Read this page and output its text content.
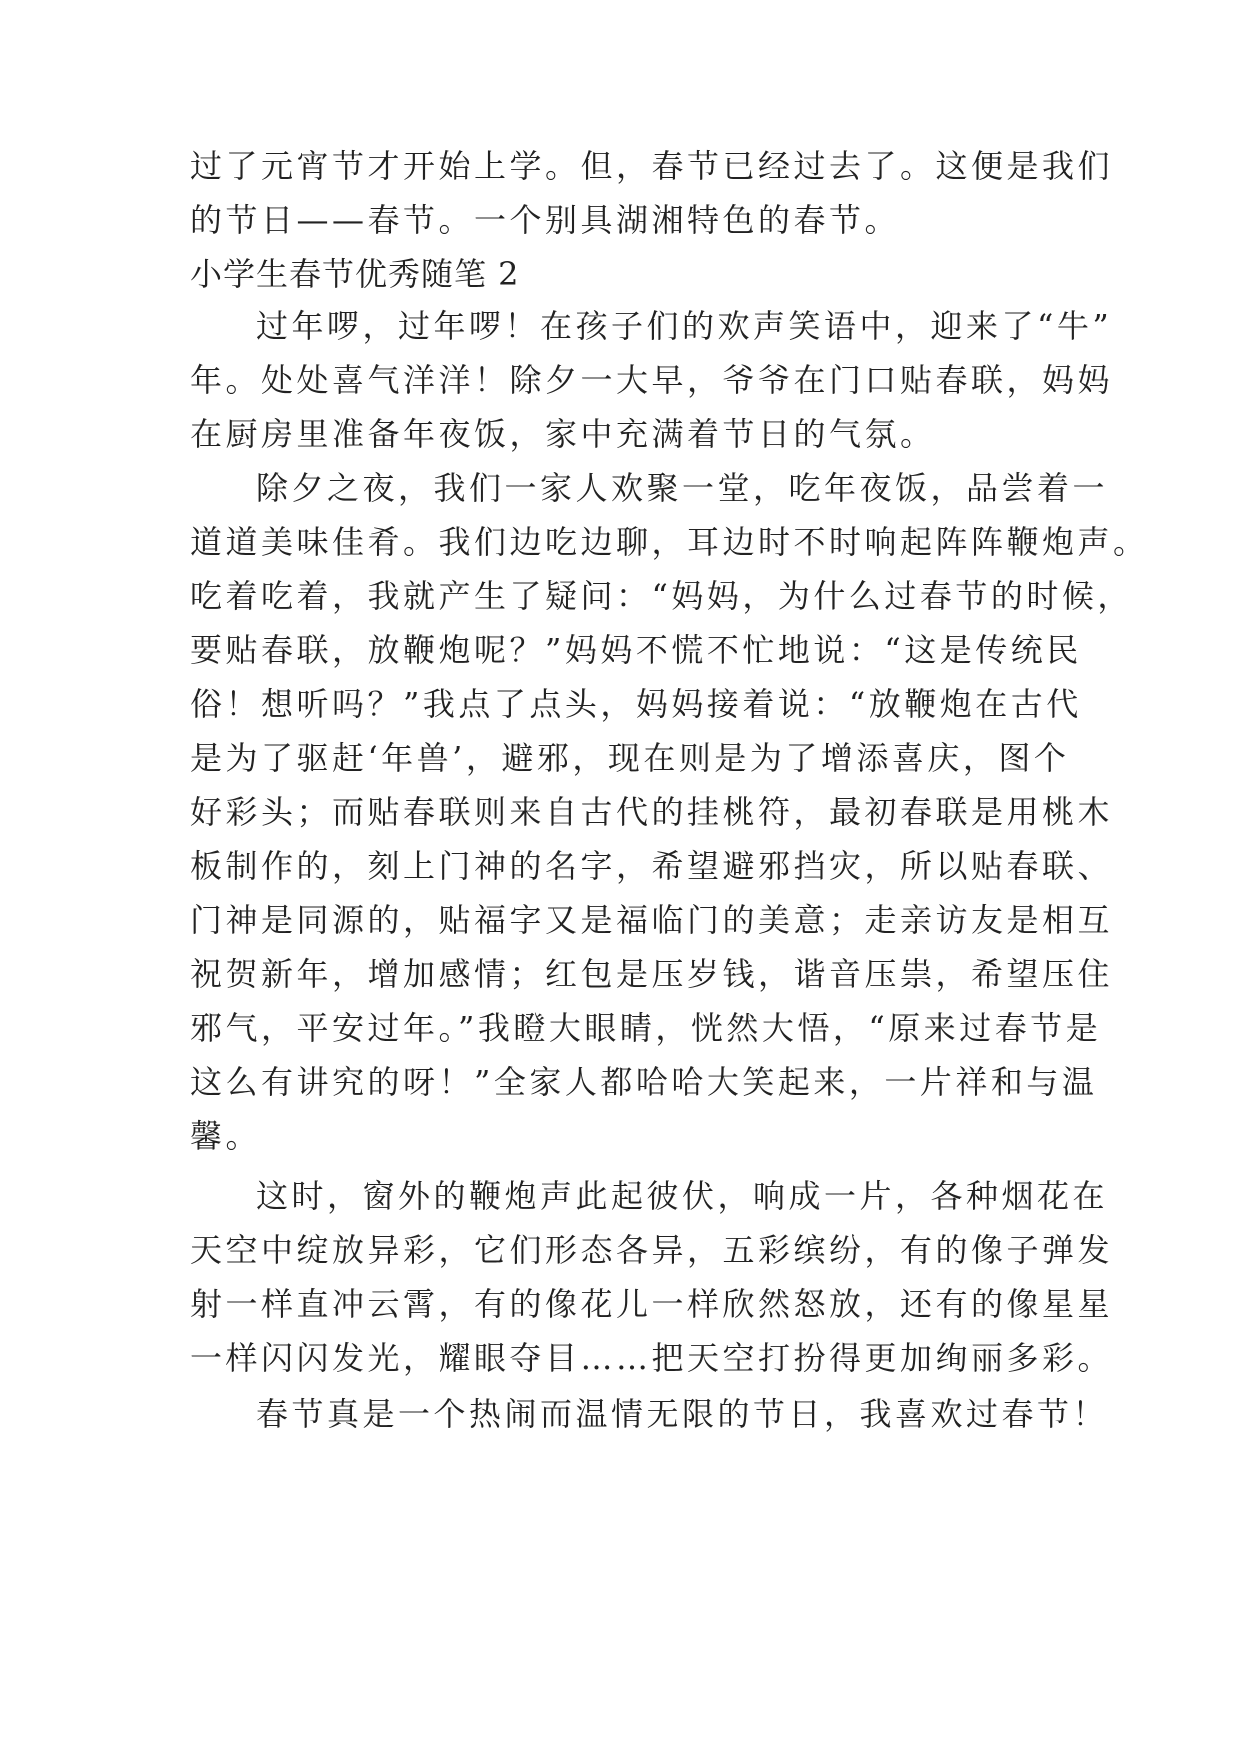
过了元宵节才开始上学。但，春节已经过去了。这便是我们
的节日——春节。一个别具湖湘特色的春节。
小学生春节优秀随笔 2
过年啰，过年啰！在孩子们的欢声笑语中，迎来了“牛”
年。处处喜气洋洋！除夕一大早，爷爷在门口贴春联，妈妈
在厨房里准备年夜饭，家中充满着节日的气氛。
除夕之夜，我们一家人欢聚一堂，吃年夜饭，品尝着一
道道美味佳肴。我们边吃边聊，耳边时不时响起阵阵鞭炮声。
吃着吃着，我就产生了疑问：“妈妈，为什么过春节的时候，
要贴春联，放鞭炮呢？”妈妈不慌不忙地说：“这是传统民
俗！想听吗？”我点了点头，妈妈接着说：“放鞭炮在古代
是为了驱赶‘年兽’，避邪，现在则是为了增添喜庆，图个
好彩头；而贴春联则来自古代的挂桃符，最初春联是用桃木
板制作的，刻上门神的名字，希望避邪挡灾，所以贴春联、
门神是同源的，贴福字又是福临门的美意；走亲访友是相互
祝贺新年，增加感情；红包是压岁钱，谐音压祟，希望压住
邪气，平安过年。”我瞪大眼睛，恍然大悟，“原来过春节是
这么有讲究的呀！”全家人都哈哈大笑起来，一片祥和与温
馨。
这时，窗外的鞭炮声此起彼伏，响成一片，各种烟花在
天空中绽放异彩，它们形态各异，五彩缤纷，有的像子弹发
射一样直冲云霄，有的像花儿一样欣然怒放，还有的像星星
一样闪闪发光，耀眼夺目……把天空打扮得更加绚丽多彩。
春节真是一个热闹而温情无限的节日，我喜欢过春节！
